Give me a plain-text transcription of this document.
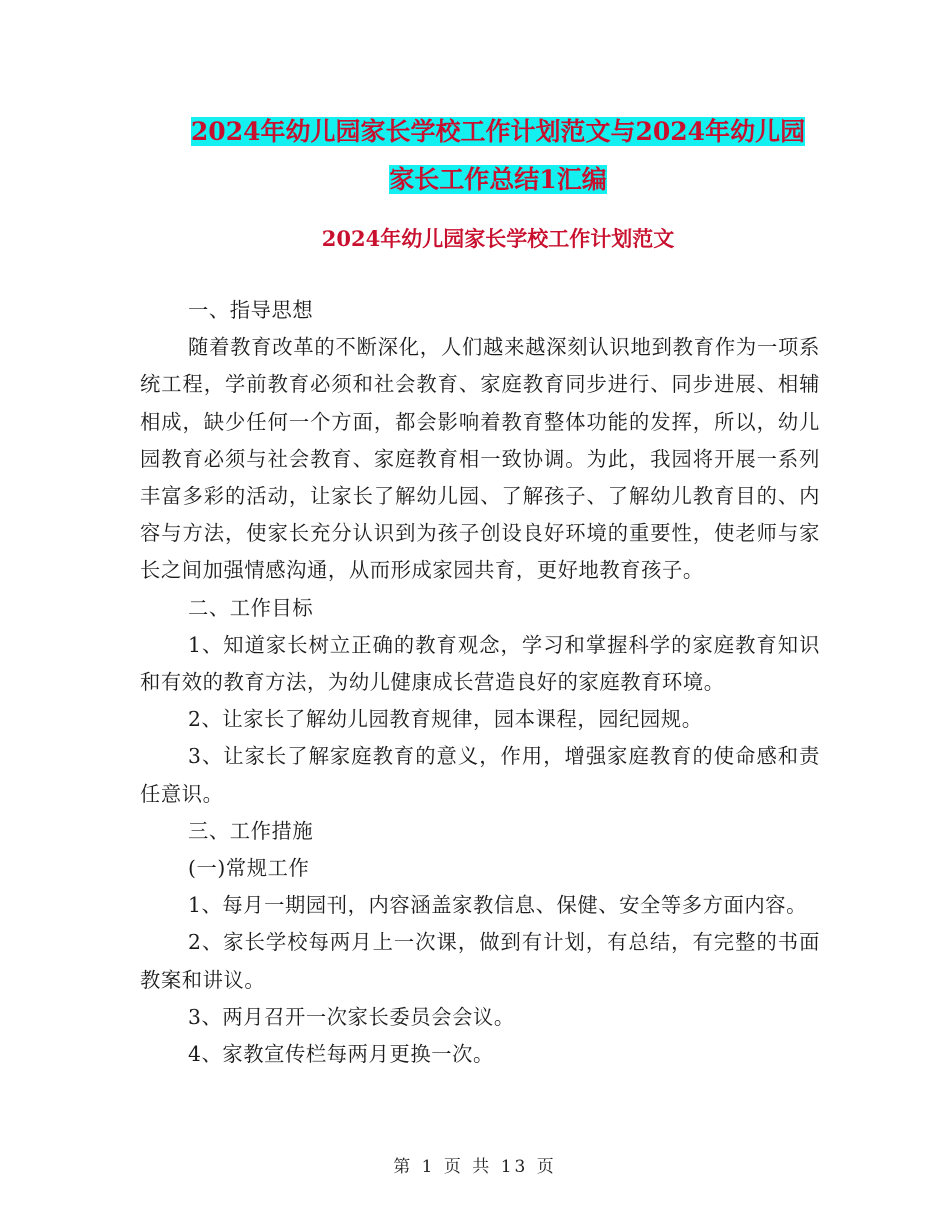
2024年幼儿园家长学校工作计划范文与2024年幼儿园
家长工作总结1汇编
2024年幼儿园家长学校工作计划范文

一、指导思想

随着教育改革的不断深化，人们越来越深刻认识地到教育作为一项系统工程，学前教育必须和社会教育、家庭教育同步进行、同步进展、相辅相成，缺少任何一个方面，都会影响着教育整体功能的发挥，所以，幼儿园教育必须与社会教育、家庭教育相一致协调。为此，我园将开展一系列丰富多彩的活动，让家长了解幼儿园、了解孩子、了解幼儿教育目的、内容与方法，使家长充分认识到为孩子创设良好环境的重要性，使老师与家长之间加强情感沟通，从而形成家园共育，更好地教育孩子。

二、工作目标

1、知道家长树立正确的教育观念，学习和掌握科学的家庭教育知识和有效的教育方法，为幼儿健康成长营造良好的家庭教育环境。

2、让家长了解幼儿园教育规律，园本课程，园纪园规。

3、让家长了解家庭教育的意义，作用，增强家庭教育的使命感和责任意识。

三、工作措施

(一)常规工作

1、每月一期园刊，内容涵盖家教信息、保健、安全等多方面内容。

2、家长学校每两月上一次课，做到有计划，有总结，有完整的书面教案和讲议。

3、两月召开一次家长委员会会议。

4、家教宣传栏每两月更换一次。

第 1 页 共 13 页
